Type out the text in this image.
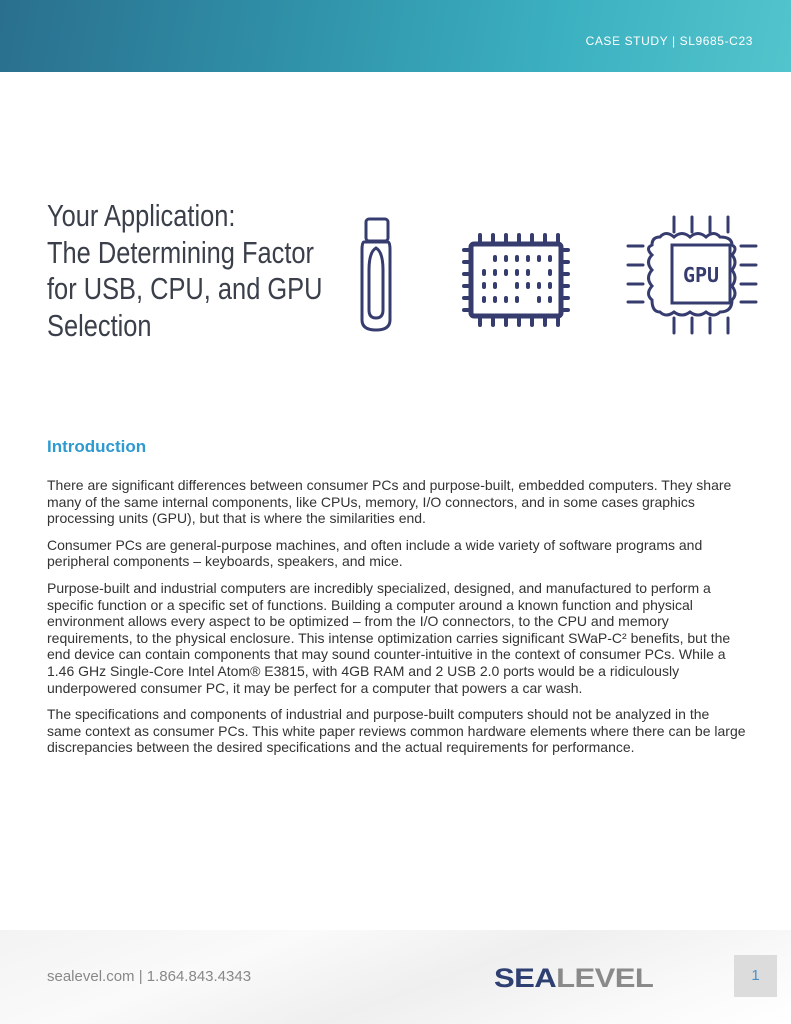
CASE STUDY | SL9685-C23
Your Application:
The Determining Factor
for USB, CPU, and GPU
Selection
GPU
Introduction

There are significant differences between consumer PCs and purpose-built, embedded computers. They share many of the same internal components, like CPUs, memory, I/O connectors, and in some cases graphics processing units (GPU), but that is where the similarities end.

Consumer PCs are general-purpose machines, and often include a wide variety of software programs and peripheral components – keyboards, speakers, and mice.

Purpose-built and industrial computers are incredibly specialized, designed, and manufactured to perform a specific function or a specific set of functions. Building a computer around a known function and physical environment allows every aspect to be optimized – from the I/O connectors, to the CPU and memory requirements, to the physical enclosure. This intense optimization carries significant SWaP-C² benefits, but the end device can contain components that may sound counter-intuitive in the context of consumer PCs. While a 1.46 GHz Single-Core Intel Atom® E3815, with 4GB RAM and 2 USB 2.0 ports would be a ridiculously underpowered consumer PC, it may be perfect for a computer that powers a car wash.

The specifications and components of industrial and purpose-built computers should not be analyzed in the same context as consumer PCs. This white paper reviews common hardware elements where there can be large discrepancies between the desired specifications and the actual requirements for performance.

sealevel.com | 1.864.843.4343	SEALEVEL	1
